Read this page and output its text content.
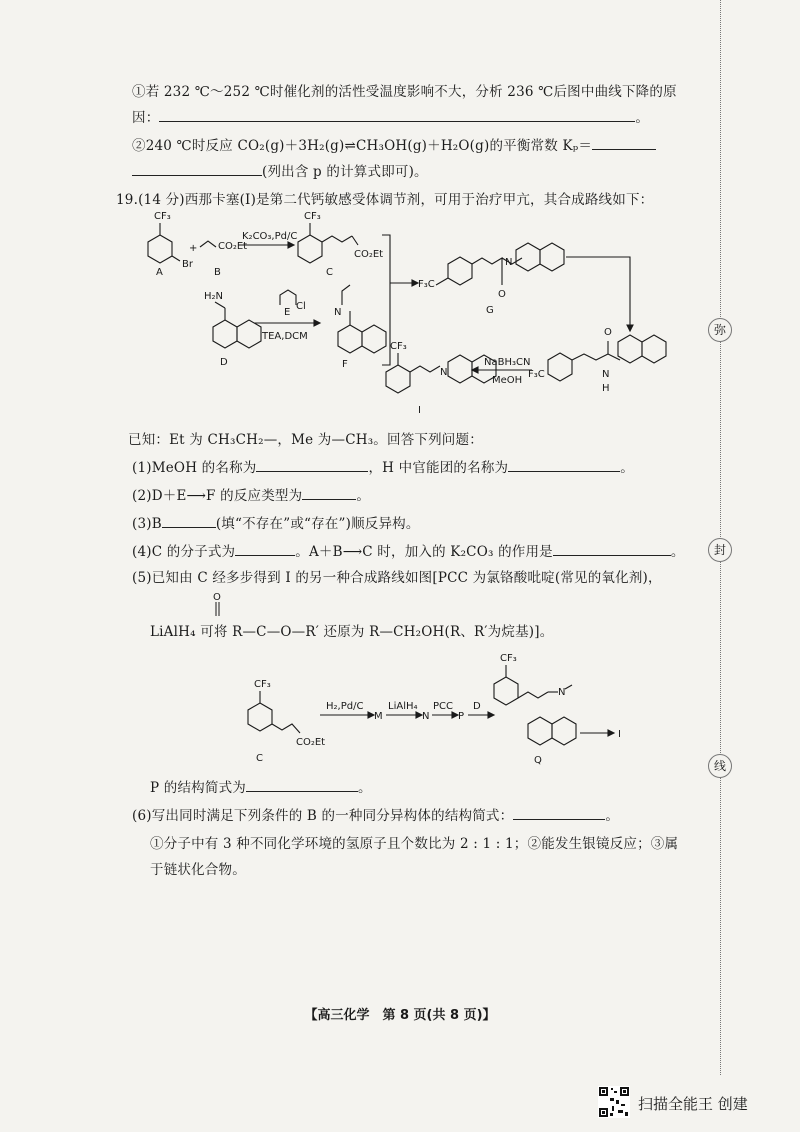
①若 232 ℃～252 ℃时催化剂的活性受温度影响不大，分析 236 ℃后图中曲线下降的原
因：	。
②240 ℃时反应 CO₂(g)＋3H₂(g)⇌CH₃OH(g)＋H₂O(g)的平衡常数 Kₚ＝
(列出含 p 的计算式即可)。
19.(14 分)西那卡塞(I)是第二代钙敏感受体调节剂，可用于治疗甲亢，其合成路线如下：
CF₃
Br
+ CO₂Et
K₂CO₃,Pd/C
CF₃
CO₂Et
A	B	C
F₃C
O
N
G
H₂N
E
Cl
TEA,DCM
D
N
F	NaBH₃CN
MeOH
F₃C
O
N
H
CF₃
N
I
已知：Et 为 CH₃CH₂—，Me 为—CH₃。回答下列问题：
(1)MeOH 的名称为	，H 中官能团的名称为	。
(2)D＋E⟶F 的反应类型为	。
(3)B	(填“不存在”或“存在”)顺反异构。
(4)C 的分子式为	。A＋B⟶C 时，加入的 K₂CO₃ 的作用是	。
(5)已知由 C 经多步得到 I 的另一种合成路线如图[PCC 为氯铬酸吡啶(常见的氧化剂)，
O
LiAlH₄ 可将 R—C—O—R′ 还原为 R—CH₂OH(R、R′为烷基)]。
CF₃
CO₂Et
C
H₂,Pd/C
M
LiAlH₄
N
PCC
P
D
CF₃
N
Q
I
P 的结构简式为	。
(6)写出同时满足下列条件的 B 的一种同分异构体的结构简式：	。
①分子中有 3 种不同化学环境的氢原子且个数比为 2 : 1 : 1；②能发生银镜反应；③属
于链状化合物。
弥
封
线
【高三化学　第 8 页(共 8 页)】
扫描全能王 创建
